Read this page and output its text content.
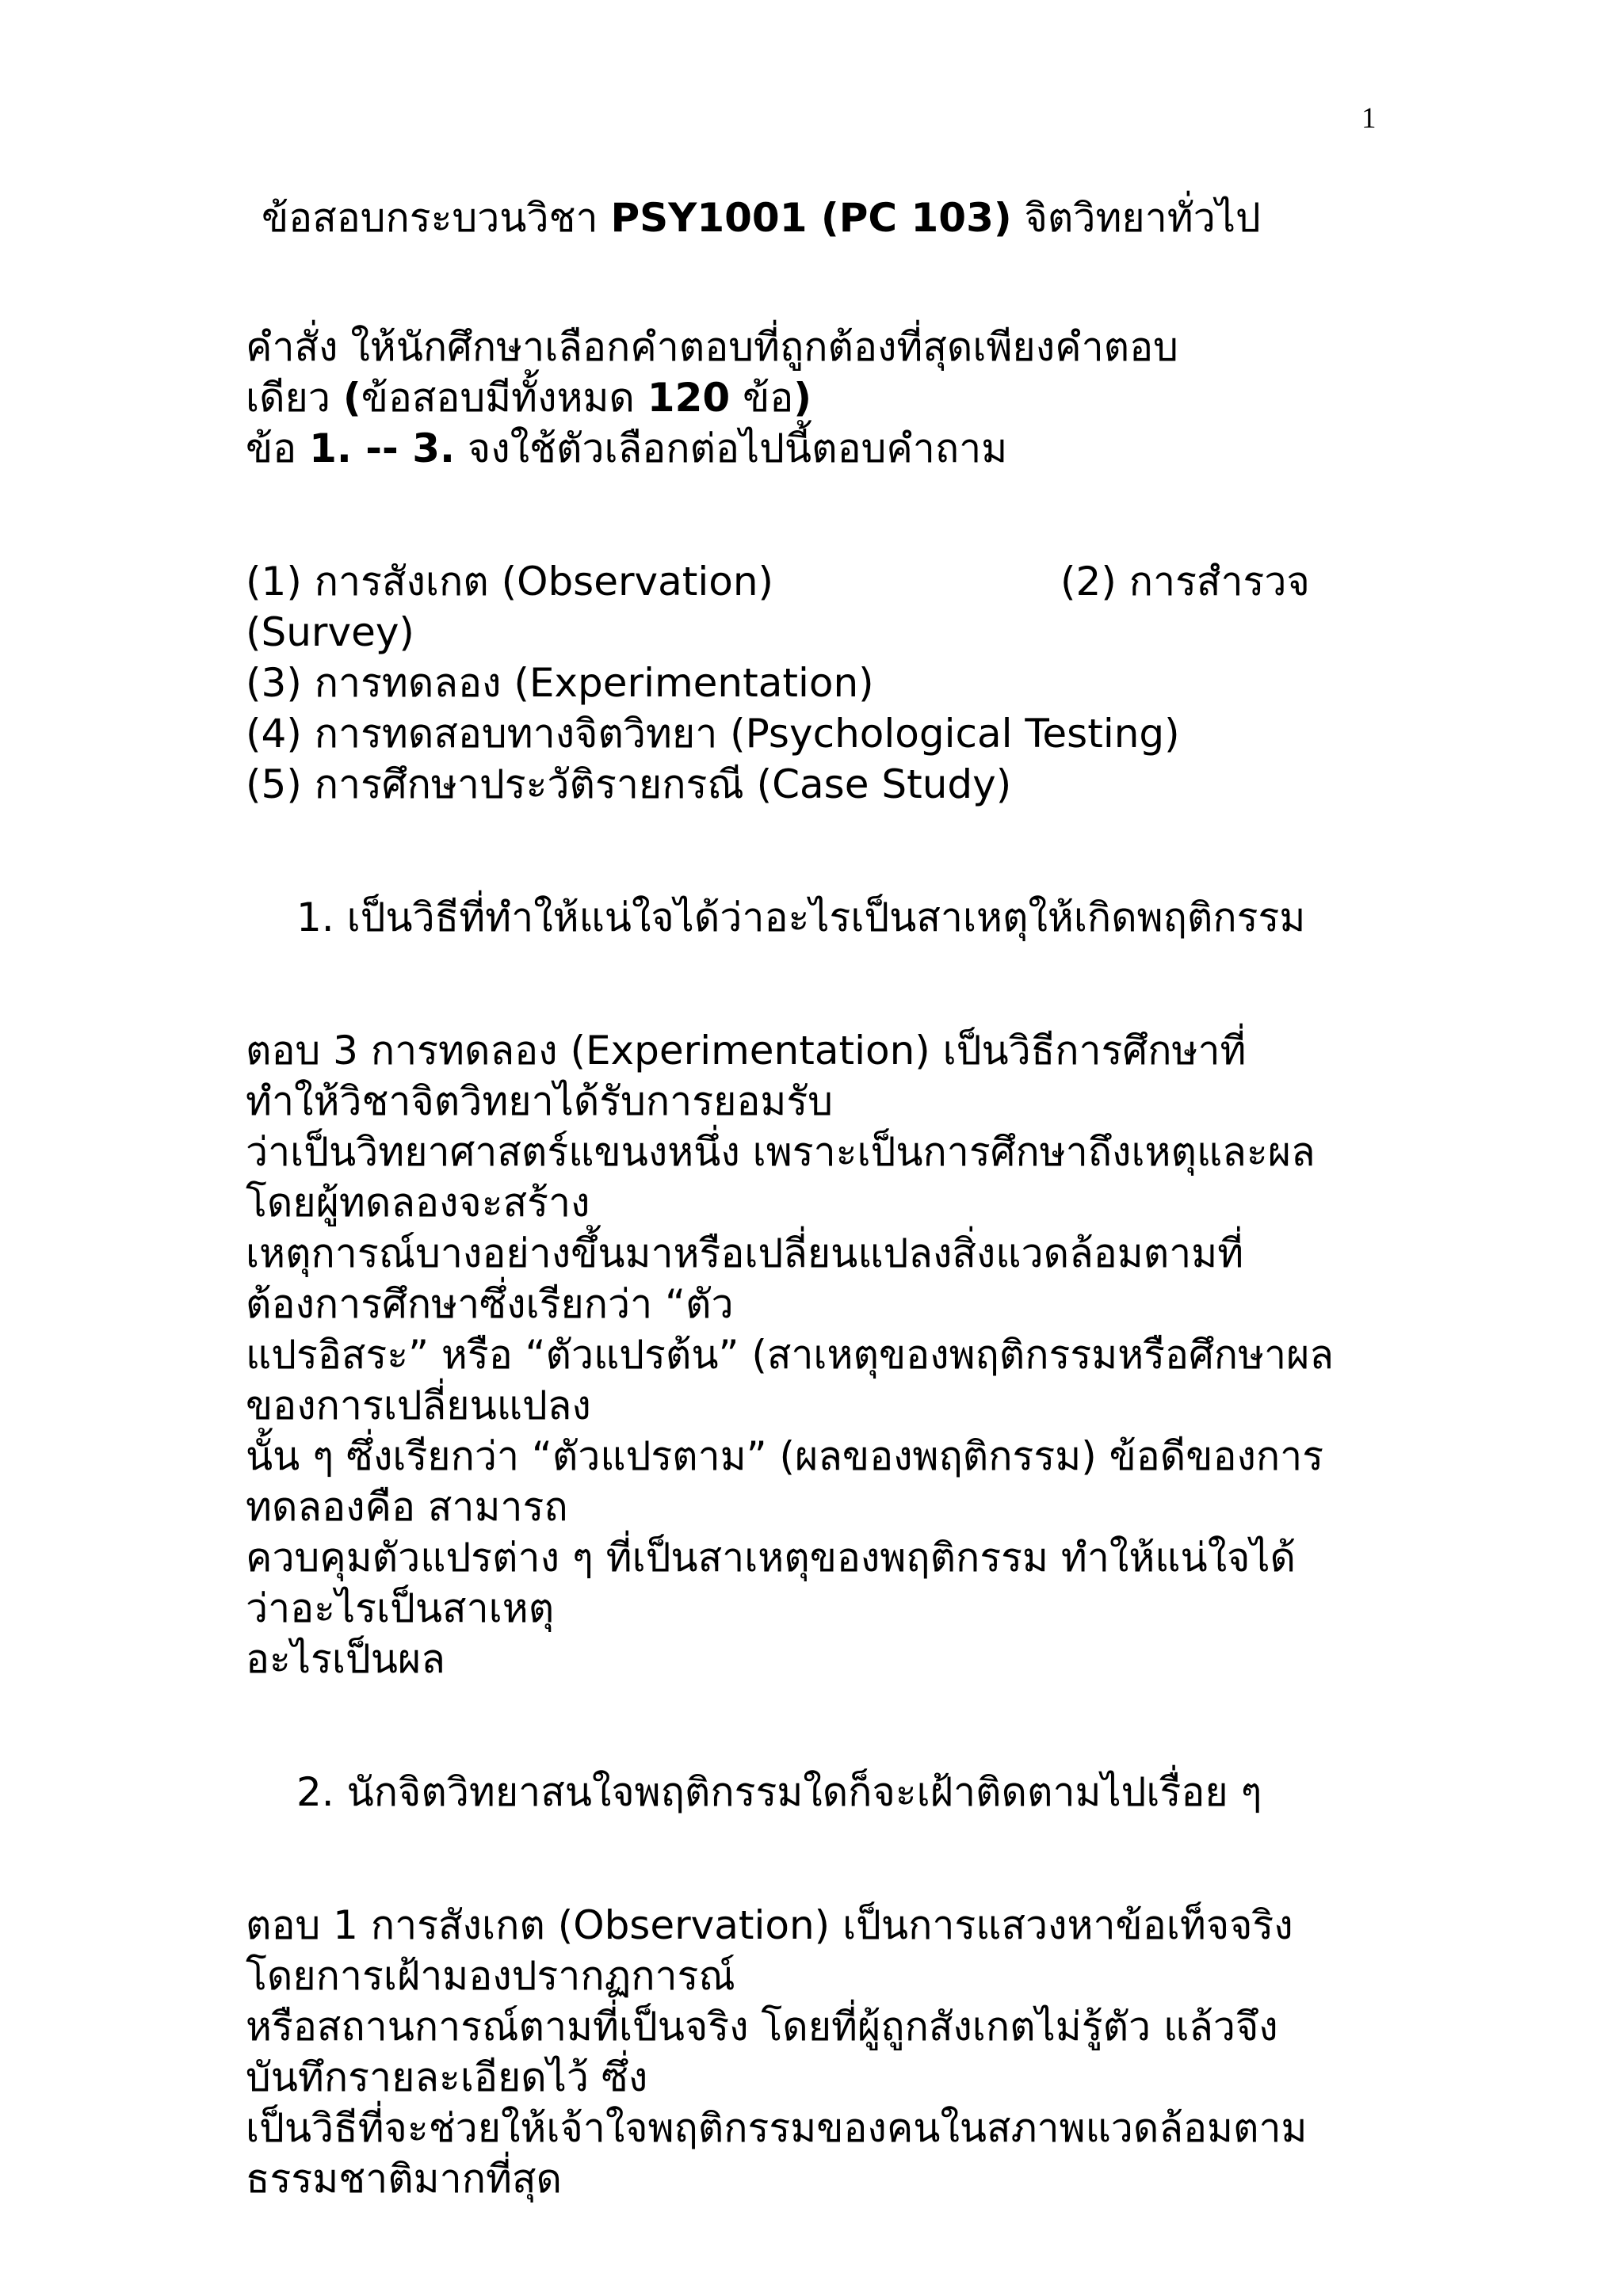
1
ข้อสอบกระบวนวิชา PSY1001 (PC 103) จิตวิทยาทั่วไป
คำสั่ง ให้นักศึกษาเลือกคำตอบที่ถูกต้องที่สุดเพียงคำตอบ
เดียว (ข้อสอบมีทั้งหมด 120 ข้อ)
ข้อ 1. -- 3. จงใช้ตัวเลือกต่อไปนี้ตอบคำถาม
(1) การสังเกต (Observation)	(2) การสำรวจ
(Survey)
(3) การทดลอง (Experimentation)
(4) การทดสอบทางจิตวิทยา (Psychological Testing)
(5) การศึกษาประวัติรายกรณี (Case Study)
1. เป็นวิธีที่ทำให้แน่ใจได้ว่าอะไรเป็นสาเหตุให้เกิดพฤติกรรม
ตอบ 3 การทดลอง (Experimentation) เป็นวิธีการศึกษาที่
ทำให้วิชาจิตวิทยาได้รับการยอมรับ
ว่าเป็นวิทยาศาสตร์แขนงหนึ่ง เพราะเป็นการศึกษาถึงเหตุและผล
โดยผู้ทดลองจะสร้าง
เหตุการณ์บางอย่างขึ้นมาหรือเปลี่ยนแปลงสิ่งแวดล้อมตามที่
ต้องการศึกษาซึ่งเรียกว่า “ตัว
แปรอิสระ” หรือ “ตัวแปรต้น” (สาเหตุของพฤติกรรมหรือศึกษาผล
ของการเปลี่ยนแปลง
นั้น ๆ ซึ่งเรียกว่า “ตัวแปรตาม” (ผลของพฤติกรรม) ข้อดีของการ
ทดลองคือ สามารถ
ควบคุมตัวแปรต่าง ๆ ที่เป็นสาเหตุของพฤติกรรม ทำให้แน่ใจได้
ว่าอะไรเป็นสาเหตุ
อะไรเป็นผล
2. นักจิตวิทยาสนใจพฤติกรรมใดก็จะเฝ้าติดตามไปเรื่อย ๆ
ตอบ 1 การสังเกต (Observation) เป็นการแสวงหาข้อเท็จจริง
โดยการเฝ้ามองปรากฏการณ์
หรือสถานการณ์ตามที่เป็นจริง โดยที่ผู้ถูกสังเกตไม่รู้ตัว แล้วจึง
บันทึกรายละเอียดไว้ ซึ่ง
เป็นวิธีที่จะช่วยให้เจ้าใจพฤติกรรมของคนในสภาพแวดล้อมตาม
ธรรมชาติมากที่สุด
